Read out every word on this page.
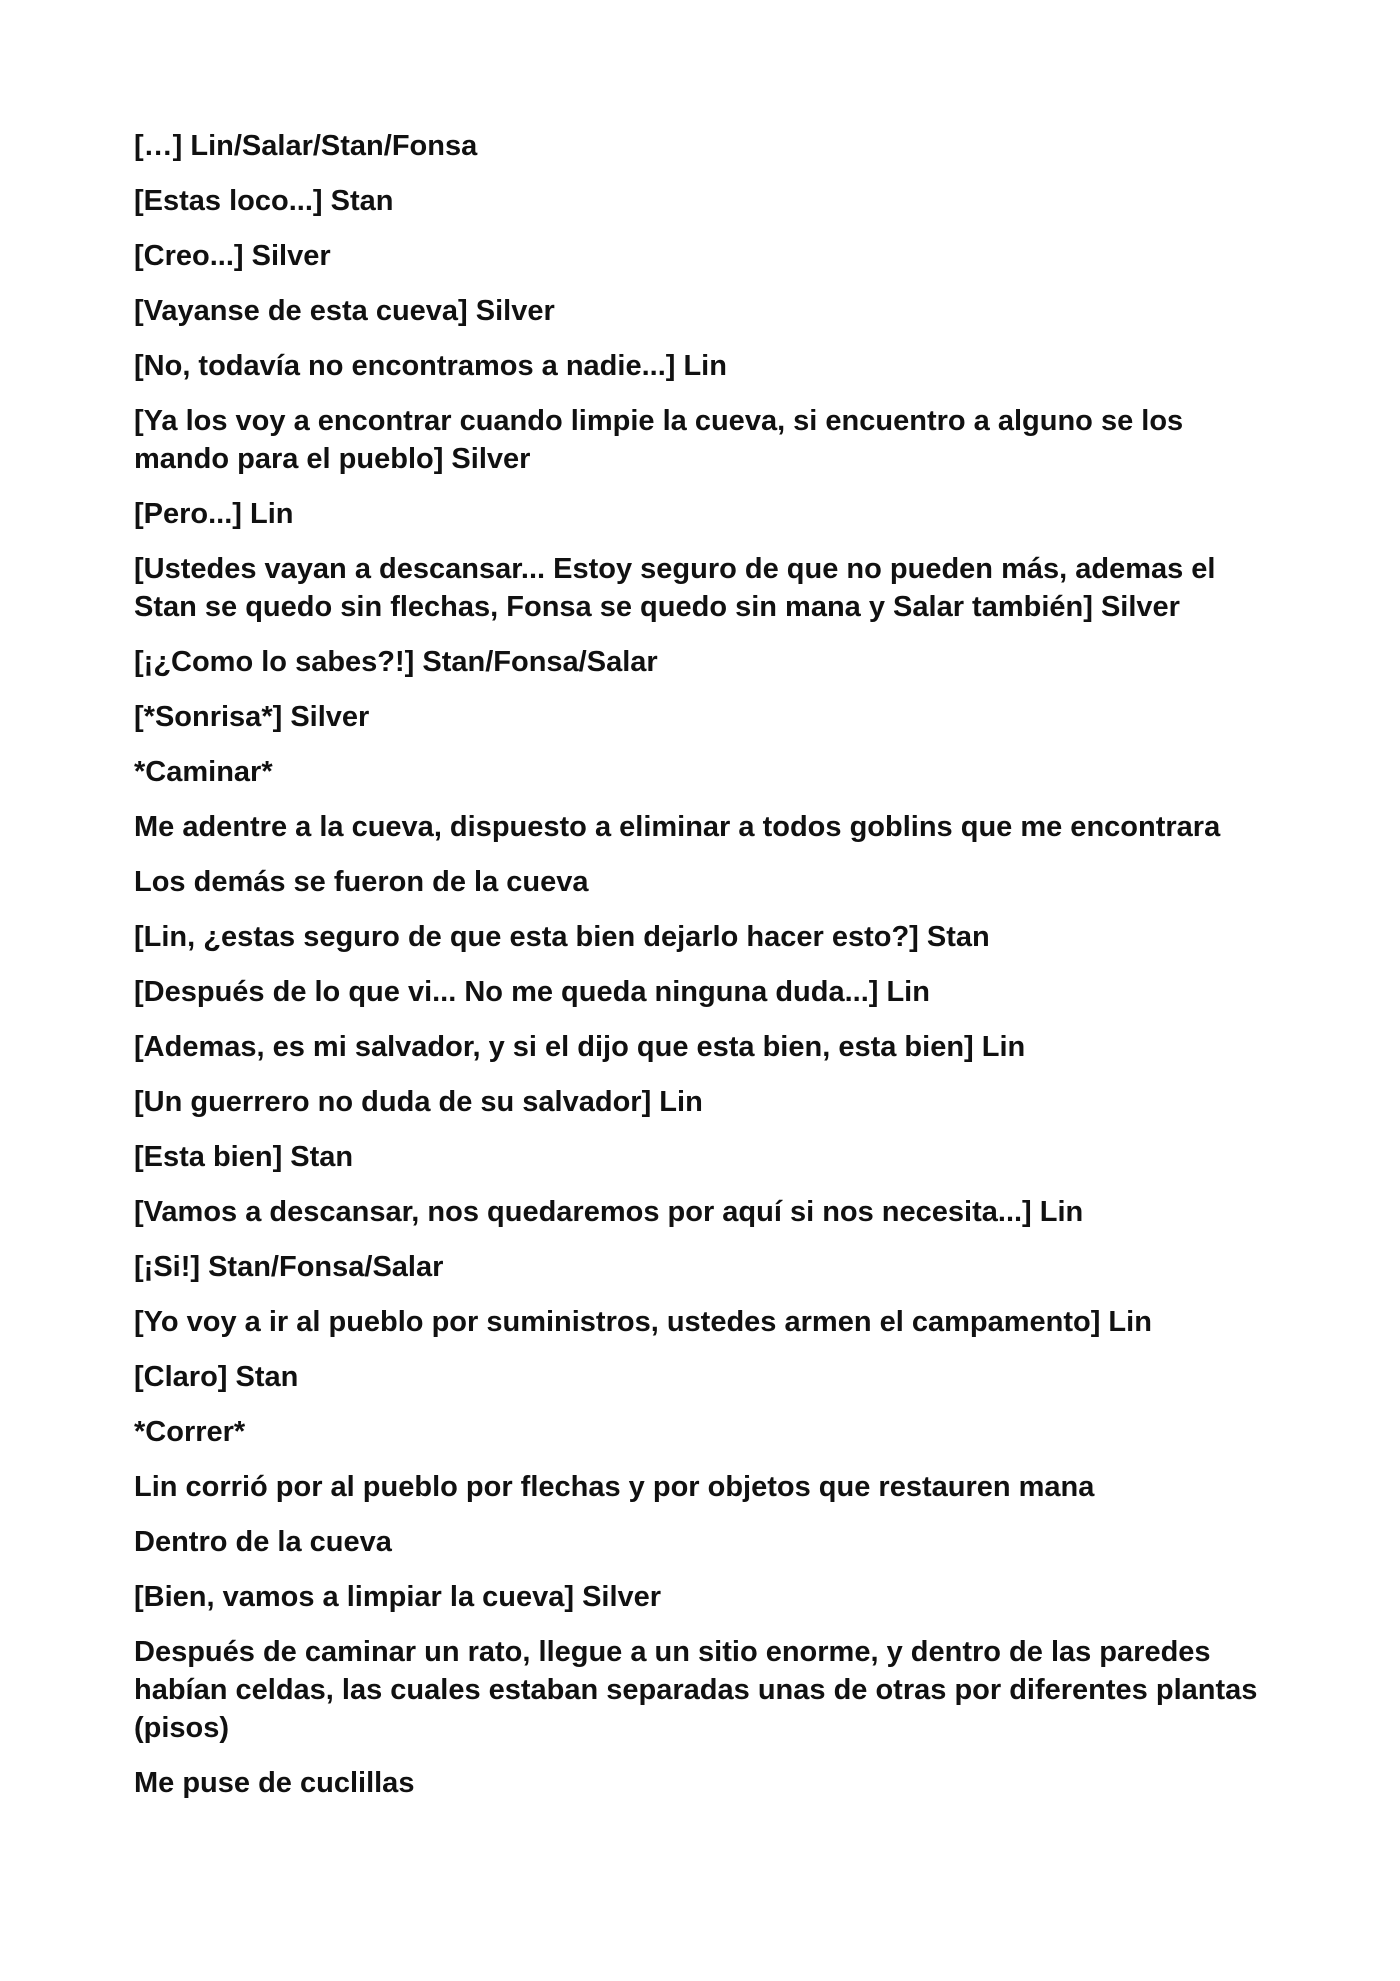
[…] Lin/Salar/Stan/Fonsa

[Estas loco...] Stan

[Creo...] Silver

[Vayanse de esta cueva] Silver

[No, todavía no encontramos a nadie...] Lin

[Ya los voy a encontrar cuando limpie la cueva, si encuentro a alguno se los mando para el pueblo] Silver

[Pero...] Lin

[Ustedes vayan a descansar... Estoy seguro de que no pueden más, ademas el Stan se quedo sin flechas, Fonsa se quedo sin mana y Salar también] Silver

[¡¿Como lo sabes?!] Stan/Fonsa/Salar

[*Sonrisa*] Silver

*Caminar*

Me adentre a la cueva, dispuesto a eliminar a todos goblins que me encontrara

Los demás se fueron de la cueva

[Lin, ¿estas seguro de que esta bien dejarlo hacer esto?] Stan

[Después de lo que vi... No me queda ninguna duda...] Lin

[Ademas, es mi salvador, y si el dijo que esta bien, esta bien] Lin

[Un guerrero no duda de su salvador] Lin

[Esta bien] Stan

[Vamos a descansar, nos quedaremos por aquí si nos necesita...] Lin

[¡Si!] Stan/Fonsa/Salar

[Yo voy a ir al pueblo por suministros, ustedes armen el campamento] Lin

[Claro] Stan

*Correr*

Lin corrió por al pueblo por flechas y por objetos que restauren mana

Dentro de la cueva

[Bien, vamos a limpiar la cueva] Silver

Después de caminar un rato, llegue a un sitio enorme, y dentro de las paredes habían celdas, las cuales estaban separadas unas de otras por diferentes plantas (pisos)

Me puse de cuclillas
